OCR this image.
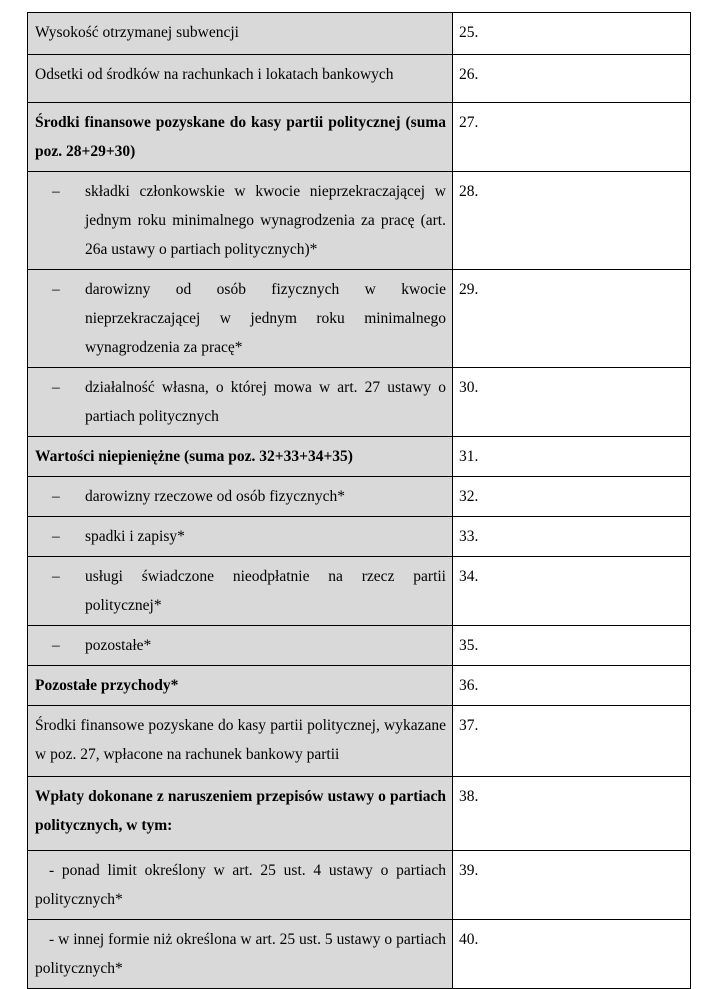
Wysokość otrzymanej subwencji	25.
Odsetki od środków na rachunkach i lokatach bankowych	26.
Środki finansowe pozyskane do kasy partii politycznej (suma poz. 28+29+30)	27.

– składki członkowskie w kwocie nieprzekraczającej w jednym roku minimalnego wynagrodzenia za pracę (art. 26a ustawy o partiach politycznych)*	28.

– darowizny od osób fizycznych w kwocie nieprzekraczającej w jednym roku minimalnego wynagrodzenia za pracę*	29.

– działalność własna, o której mowa w art. 27 ustawy o partiach politycznych	30.
Wartości niepieniężne (suma poz. 32+33+34+35)	31.

– darowizny rzeczowe od osób fizycznych*	32.

– spadki i zapisy*	33.

– usługi świadczone nieodpłatnie na rzecz partii politycznej*	34.

– pozostałe*	35.
Pozostałe przychody*	36.
Środki finansowe pozyskane do kasy partii politycznej, wykazane w poz. 27, wpłacone na rachunek bankowy partii	37.
Wpłaty dokonane z naruszeniem przepisów ustawy o partiach politycznych, w tym:	38.
- ponad limit określony w art. 25 ust. 4 ustawy o partiach politycznych*	39.
- w innej formie niż określona w art. 25 ust. 5 ustawy o partiach politycznych*	40.
